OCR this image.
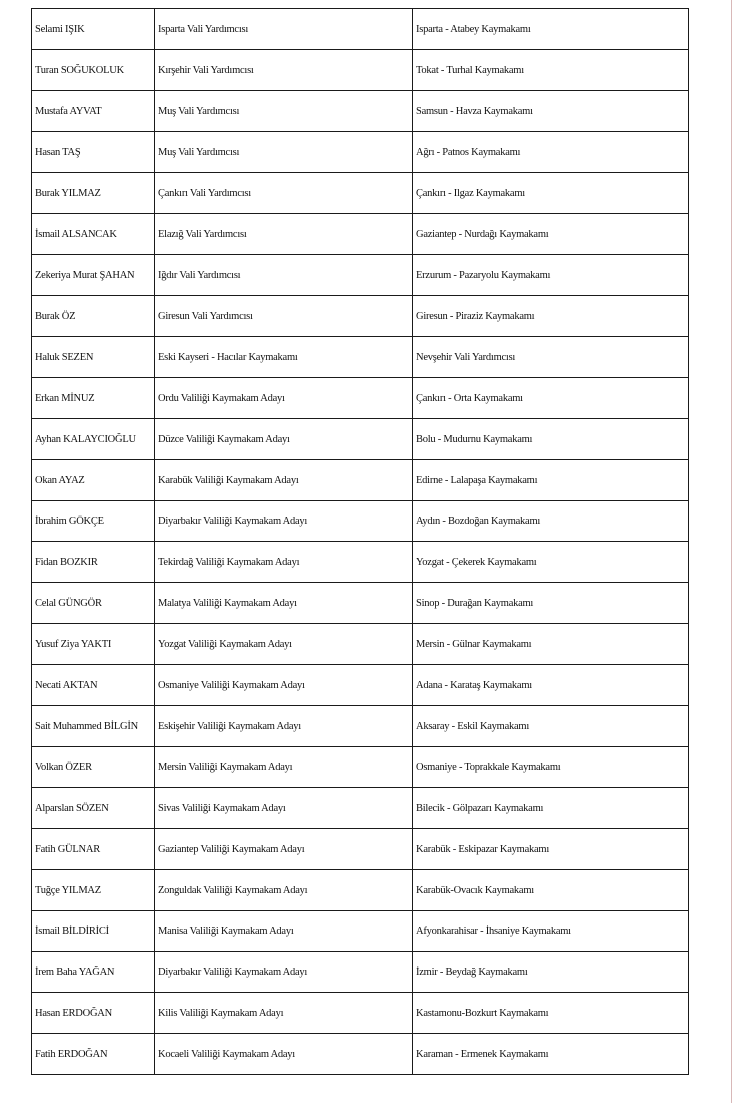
Selami IŞIK	Isparta Vali Yardımcısı	Isparta - Atabey Kaymakamı
Turan SOĞUKOLUK	Kırşehir Vali Yardımcısı	Tokat - Turhal Kaymakamı
Mustafa AYVAT	Muş Vali Yardımcısı	Samsun - Havza Kaymakamı
Hasan TAŞ	Muş Vali Yardımcısı	Ağrı - Patnos Kaymakamı
Burak YILMAZ	Çankırı Vali Yardımcısı	Çankırı - Ilgaz Kaymakamı
İsmail ALSANCAK	Elazığ Vali Yardımcısı	Gaziantep - Nurdağı Kaymakamı
Zekeriya Murat ŞAHAN	Iğdır Vali Yardımcısı	Erzurum - Pazaryolu Kaymakamı
Burak ÖZ	Giresun Vali Yardımcısı	Giresun - Piraziz Kaymakamı
Haluk SEZEN	Eski Kayseri - Hacılar Kaymakamı	Nevşehir Vali Yardımcısı
Erkan MİNUZ	Ordu Valiliği Kaymakam Adayı	Çankırı - Orta Kaymakamı
Ayhan KALAYCIOĞLU	Düzce Valiliği Kaymakam Adayı	Bolu - Mudurnu Kaymakamı
Okan AYAZ	Karabük Valiliği Kaymakam Adayı	Edirne - Lalapaşa Kaymakamı
İbrahim GÖKÇE	Diyarbakır Valiliği Kaymakam Adayı	Aydın - Bozdoğan Kaymakamı
Fidan BOZKIR	Tekirdağ Valiliği Kaymakam Adayı	Yozgat - Çekerek Kaymakamı
Celal GÜNGÖR	Malatya Valiliği Kaymakam Adayı	Sinop - Durağan Kaymakamı
Yusuf Ziya YAKTI	Yozgat Valiliği Kaymakam Adayı	Mersin - Gülnar Kaymakamı
Necati AKTAN	Osmaniye Valiliği Kaymakam Adayı	Adana - Karataş Kaymakamı
Sait Muhammed BİLGİN	Eskişehir Valiliği Kaymakam Adayı	Aksaray - Eskil Kaymakamı
Volkan ÖZER	Mersin Valiliği Kaymakam Adayı	Osmaniye - Toprakkale Kaymakamı
Alparslan SÖZEN	Sivas Valiliği Kaymakam Adayı	Bilecik - Gölpazarı Kaymakamı
Fatih GÜLNAR	Gaziantep Valiliği Kaymakam Adayı	Karabük - Eskipazar Kaymakamı
Tuğçe YILMAZ	Zonguldak Valiliği Kaymakam Adayı	Karabük-Ovacık Kaymakamı
İsmail BİLDİRİCİ	Manisa Valiliği Kaymakam Adayı	Afyonkarahisar - İhsaniye Kaymakamı
İrem Baha YAĞAN	Diyarbakır Valiliği Kaymakam Adayı	İzmir - Beydağ Kaymakamı
Hasan ERDOĞAN	Kilis Valiliği Kaymakam Adayı	Kastamonu-Bozkurt Kaymakamı
Fatih ERDOĞAN	Kocaeli Valiliği Kaymakam Adayı	Karaman - Ermenek Kaymakamı
